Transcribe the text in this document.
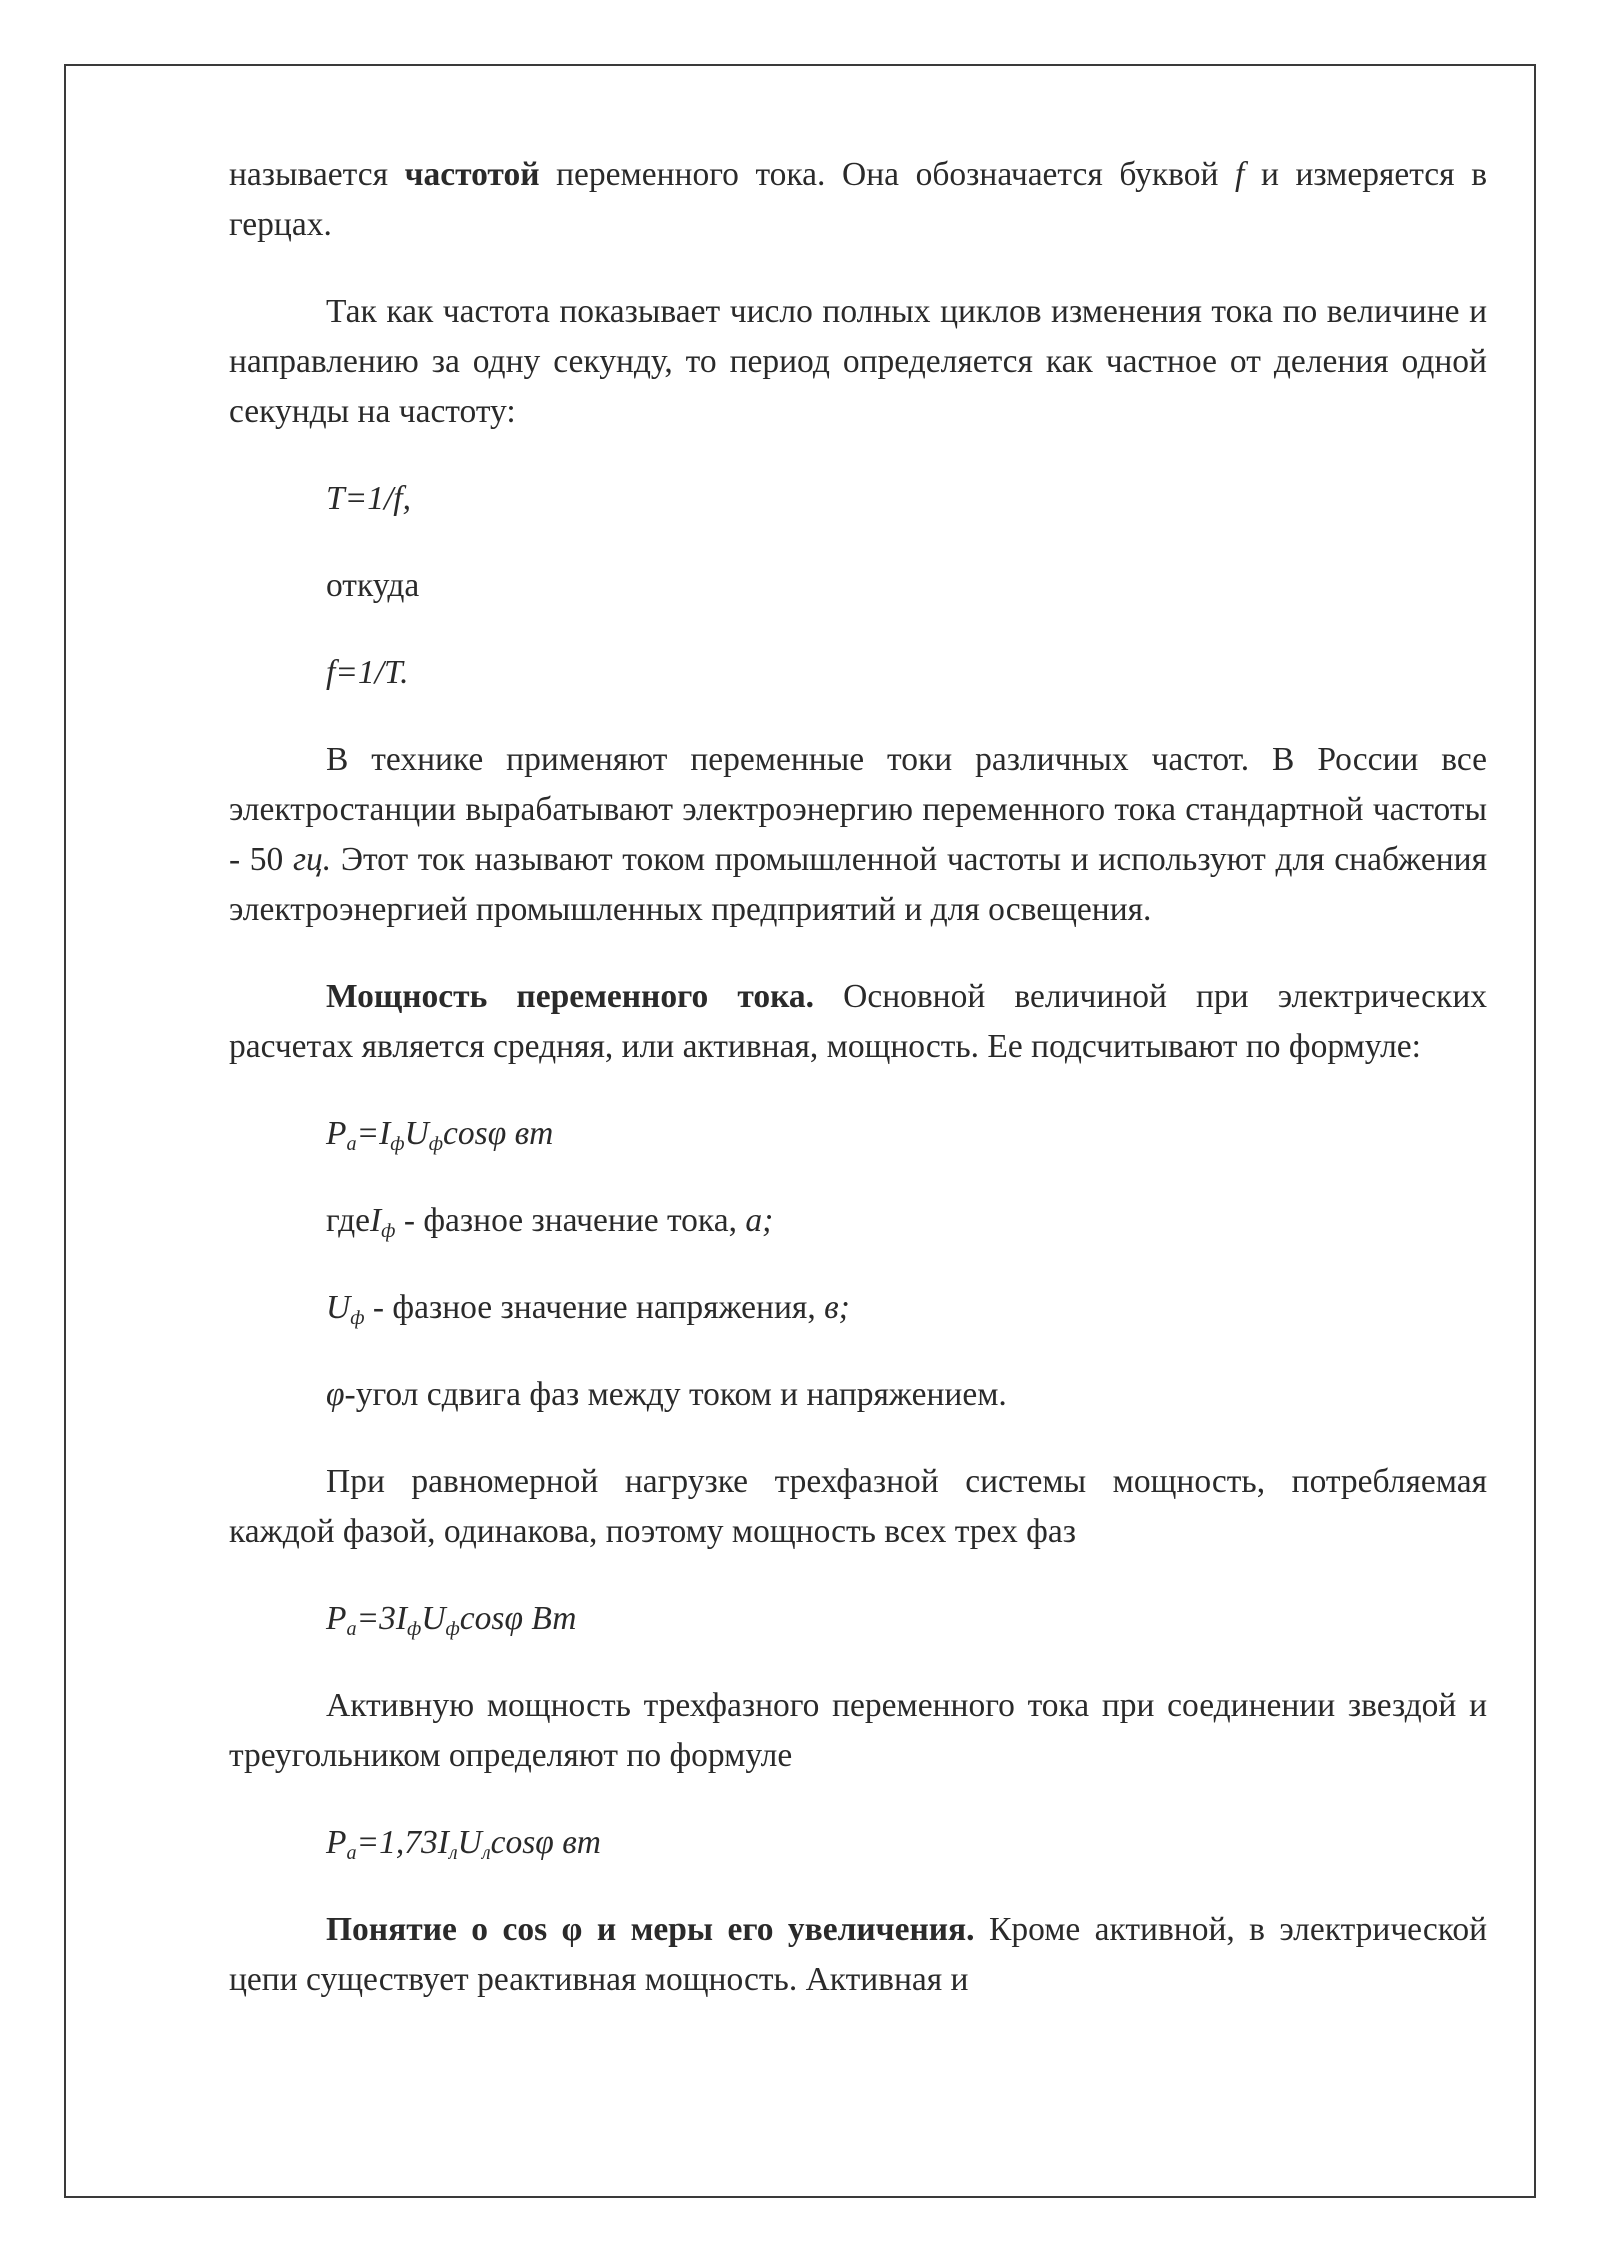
называется частотой переменного тока. Она обозначается буквой f и измеряется в герцах.

Так как частота показывает число полных циклов изменения тока по величине и направлению за одну секунду, то период определяется как частное от деления одной секунды на частоту:

T=1/f,

откуда

f=1/T.

В технике применяют переменные токи различных частот. В России все электростанции вырабатывают электроэнергию переменного тока стандартной частоты - 50 гц. Этот ток называют током промышленной частоты и используют для снабжения электроэнергией промышленных предприятий и для освещения.

Мощность переменного тока. Основной величиной при электрических расчетах является средняя, или активная, мощность. Ее подсчитывают по формуле:

$P_a=I_фU_ф\cos\varphi$ вт

гдеI$_ф$ - фазное значение тока, а;

$U_ф$ - фазное значение напряжения, в;

φ-угол сдвига фаз между током и напряжением.

При равномерной нагрузке трехфазной системы мощность, потребляемая каждой фазой, одинакова, поэтому мощность всех трех фаз

$P_a=3I_фU_ф\cos\varphi$ Вт

Активную мощность трехфазного переменного тока при соединении звездой и треугольником определяют по формуле

$P_a=1,73I_лU_л\cos\varphi$ вт

Понятие о cos φ и меры его увеличения. Кроме активной, в электрической цепи существует реактивная мощность. Активная и
